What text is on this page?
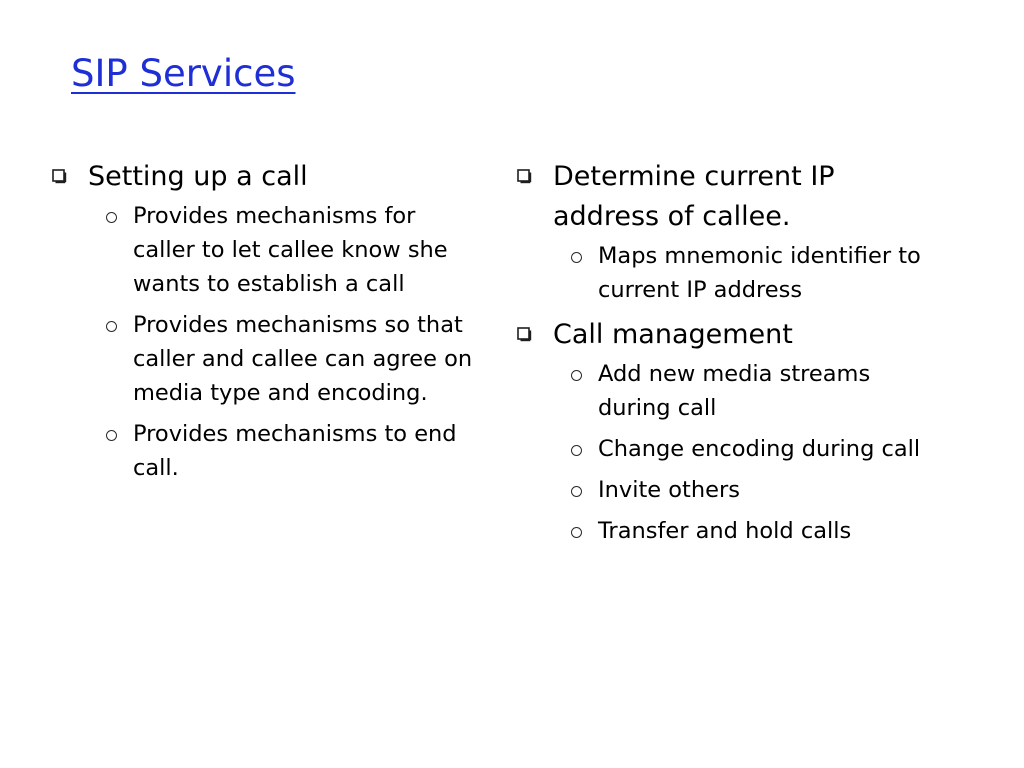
SIP Services
Setting up a call
Provides mechanisms for caller to let callee know she wants to establish a call
Provides mechanisms so that caller and callee can agree on media type and encoding.
Provides mechanisms to end call.
Determine current IP address of callee.
Maps mnemonic identifier to current IP address
Call management
Add new media streams during call
Change encoding during call
Invite others
Transfer and hold calls
